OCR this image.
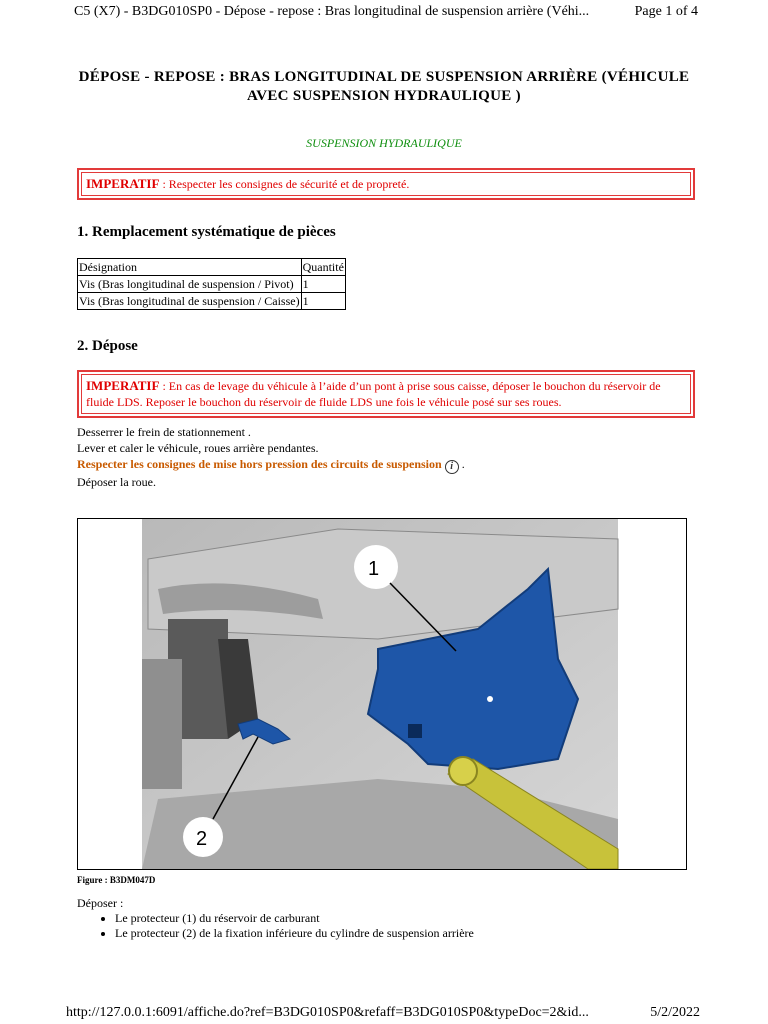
C5 (X7) - B3DG010SP0 - Dépose - repose : Bras longitudinal de suspension arrière (Véhi...	Page 1 of 4
DÉPOSE - REPOSE : BRAS LONGITUDINAL DE SUSPENSION ARRIÈRE (VÉHICULE
AVEC SUSPENSION HYDRAULIQUE )
SUSPENSION HYDRAULIQUE
IMPERATIF : Respecter les consignes de sécurité et de propreté.
1. Remplacement systématique de pièces
Désignation	Quantité
Vis (Bras longitudinal de suspension / Pivot)	1
Vis (Bras longitudinal de suspension / Caisse)	1
2. Dépose
IMPERATIF : En cas de levage du véhicule à l’aide d’un pont à prise sous caisse, déposer le bouchon du réservoir de fluide LDS. Reposer le bouchon du réservoir de fluide LDS une fois le véhicule posé sur ses roues.
Desserrer le frein de stationnement .
Lever et caler le véhicule, roues arrière pendantes.
Respecter les consignes de mise hors pression des circuits de suspension i .
Déposer la roue.
1
2
Figure : B3DM047D
Déposer :
• Le protecteur (1) du réservoir de carburant
• Le protecteur (2) de la fixation inférieure du cylindre de suspension arrière
http://127.0.0.1:6091/affiche.do?ref=B3DG010SP0&refaff=B3DG010SP0&typeDoc=2&id...	5/2/2022
